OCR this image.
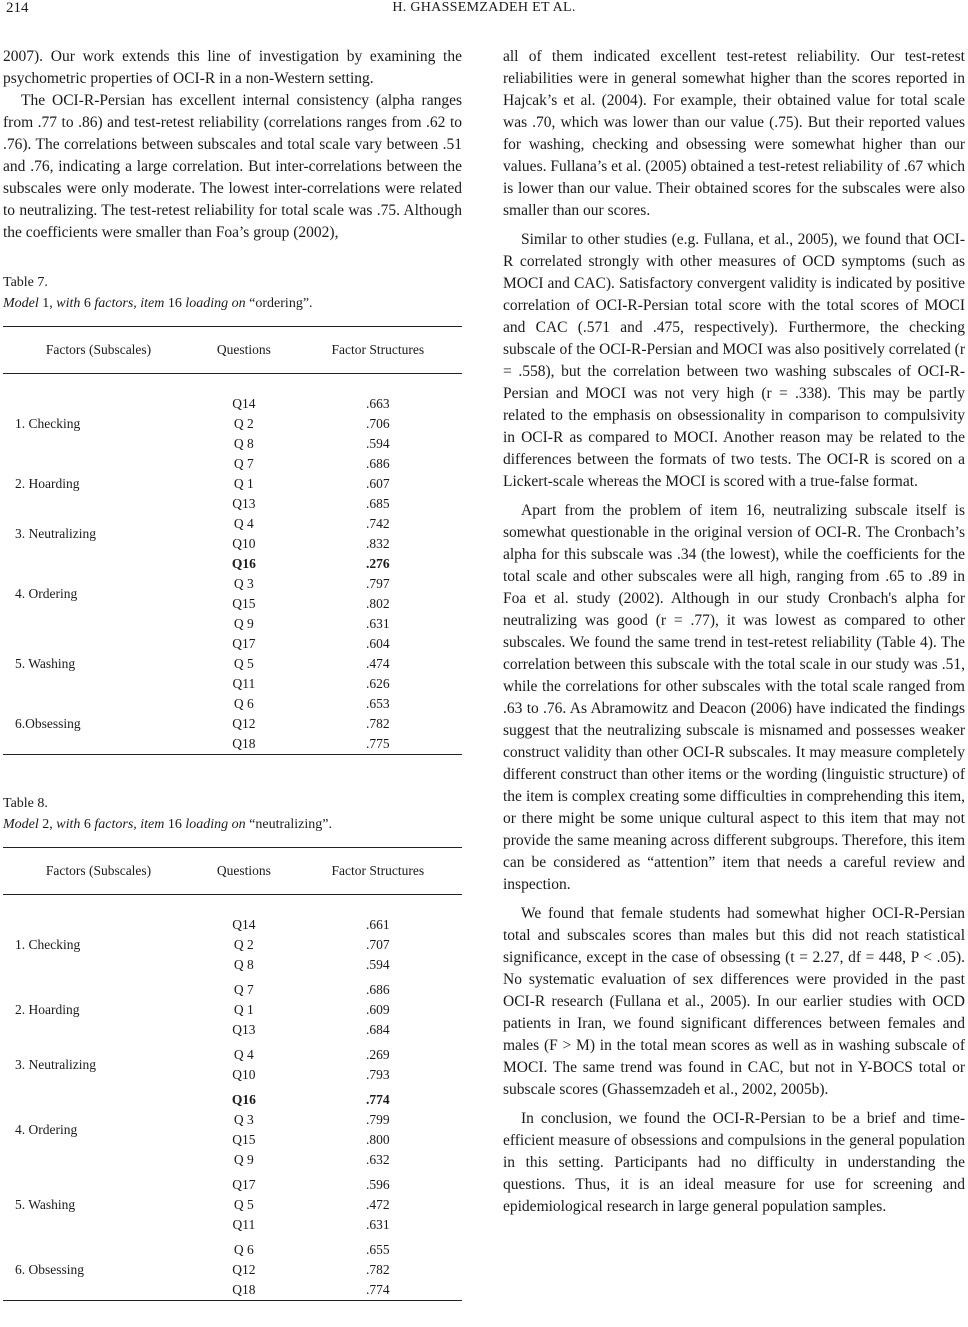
214	H. GHASSEMZADEH ET AL.

2007). Our work extends this line of investigation by examining the psychometric properties of OCI-R in a non-Western setting.

The OCI-R-Persian has excellent internal consistency (alpha ranges from .77 to .86) and test-retest reliability (correlations ranges from .62 to .76). The correlations between subscales and total scale vary between .51 and .76, indicating a large correlation. But inter-correlations between the subscales were only moderate. The lowest inter-correlations were related to neutralizing. The test-retest reliability for total scale was .75. Although the coefficients were smaller than Foa’s group (2002),

Table 7.

Model 1, with 6 factors, item 16 loading on “ordering”.

Factors (Subscales)	Questions	Factor Structures

1. Checking	Q14	.663
	Q 2	.706
	Q 8	.594
2. Hoarding	Q 7	.686
	Q 1	.607
	Q13	.685
3. Neutralizing	Q 4	.742
	Q10	.832
4. Ordering	Q16	.276
	Q 3	.797
	Q15	.802
	Q 9	.631
5. Washing	Q17	.604
	Q 5	.474
	Q11	.626
6.Obsessing	Q 6	.653
	Q12	.782
	Q18	.775

Table 8.

Model 2, with 6 factors, item 16 loading on “neutralizing”.

Factors (Subscales)	Questions	Factor Structures

1. Checking	Q14	.661
	Q 2	.707
	Q 8	.594

2. Hoarding	Q 7	.686
	Q 1	.609
	Q13	.684

3. Neutralizing	Q 4	.269
	Q10	.793

4. Ordering	Q16	.774
	Q 3	.799
	Q15	.800
	Q 9	.632

5. Washing	Q17	.596
	Q 5	.472
	Q11	.631

6. Obsessing	Q 6	.655
	Q12	.782
	Q18	.774

all of them indicated excellent test-retest reliability. Our test-retest reliabilities were in general somewhat higher than the scores reported in Hajcak’s et al. (2004). For example, their obtained value for total scale was .70, which was lower than our value (.75). But their reported values for washing, checking and obsessing were somewhat higher than our values. Fullana’s et al. (2005) obtained a test-retest reliability of .67 which is lower than our value. Their obtained scores for the subscales were also smaller than our scores.

Similar to other studies (e.g. Fullana, et al., 2005), we found that OCI-R correlated strongly with other measures of OCD symptoms (such as MOCI and CAC). Satisfactory convergent validity is indicated by positive correlation of OCI-R-Persian total score with the total scores of MOCI and CAC (.571 and .475, respectively). Furthermore, the checking subscale of the OCI-R-Persian and MOCI was also positively correlated (r = .558), but the correlation between two washing subscales of OCI-R-Persian and MOCI was not very high (r = .338). This may be partly related to the emphasis on obsessionality in comparison to compulsivity in OCI-R as compared to MOCI. Another reason may be related to the differences between the formats of two tests. The OCI-R is scored on a Lickert-scale whereas the MOCI is scored with a true-false format.

Apart from the problem of item 16, neutralizing subscale itself is somewhat questionable in the original version of OCI-R. The Cronbach’s alpha for this subscale was .34 (the lowest), while the coefficients for the total scale and other subscales were all high, ranging from .65 to .89 in Foa et al. study (2002). Although in our study Cronbach's alpha for neutralizing was good (r = .77), it was lowest as compared to other subscales. We found the same trend in test-retest reliability (Table 4). The correlation between this subscale with the total scale in our study was .51, while the correlations for other subscales with the total scale ranged from .63 to .76. As Abramowitz and Deacon (2006) have indicated the findings suggest that the neutralizing subscale is misnamed and possesses weaker construct validity than other OCI-R subscales. It may measure completely different construct than other items or the wording (linguistic structure) of the item is complex creating some difficulties in comprehending this item, or there might be some unique cultural aspect to this item that may not provide the same meaning across different subgroups. Therefore, this item can be considered as “attention” item that needs a careful review and inspection.

We found that female students had somewhat higher OCI-R-Persian total and subscales scores than males but this did not reach statistical significance, except in the case of obsessing (t = 2.27, df = 448, P < .05). No systematic evaluation of sex differences were provided in the past OCI-R research (Fullana et al., 2005). In our earlier studies with OCD patients in Iran, we found significant differences between females and males (F > M) in the total mean scores as well as in washing subscale of MOCI. The same trend was found in CAC, but not in Y-BOCS total or subscale scores (Ghassemzadeh et al., 2002, 2005b).

In conclusion, we found the OCI-R-Persian to be a brief and time-efficient measure of obsessions and compulsions in the general population in this setting. Participants had no difficulty in understanding the questions. Thus, it is an ideal measure for use for screening and epidemiological research in large general population samples.
